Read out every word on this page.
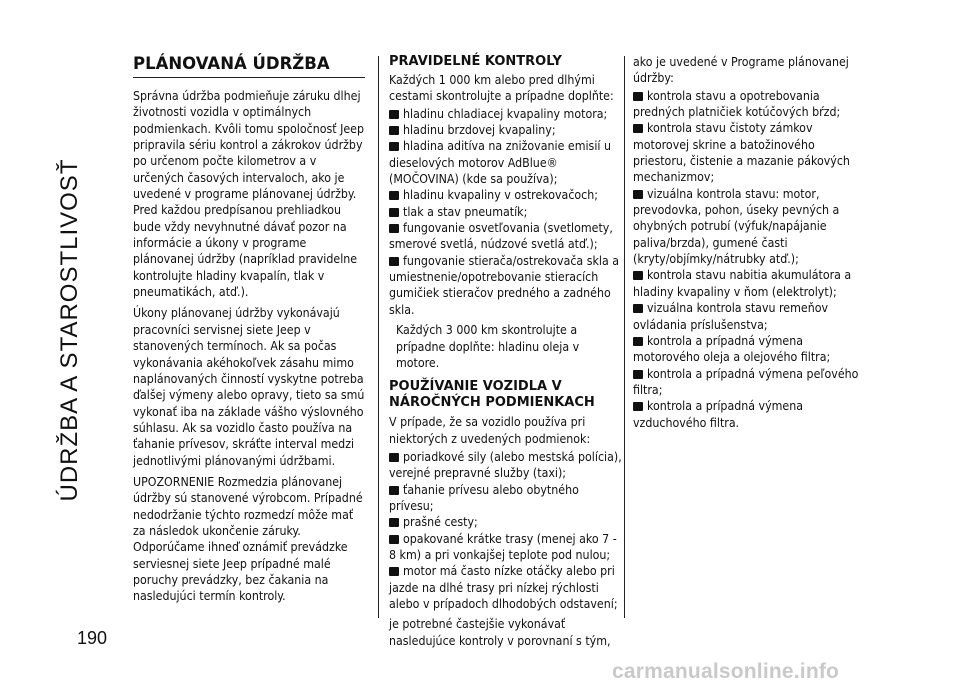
ÚDRŽBA A STAROSTLIVOSŤ
190
carmanualsonline.info
PLÁNOVANÁ ÚDRŽBA

Správna údržba podmieňuje záruku dlhej životnosti vozidla v optimálnych podmienkach. Kvôli tomu spoločnosť Jeep pripravila sériu kontrol a zákrokov údržby po určenom počte kilometrov a v určených časových intervaloch, ako je uvedené v programe plánovanej údržby. Pred každou predpísanou prehliadkou bude vždy nevyhnutné dávať pozor na informácie a úkony v programe plánovanej údržby (napríklad pravidelne kontrolujte hladiny kvapalín, tlak v pneumatikách, atď.).

Úkony plánovanej údržby vykonávajú pracovníci servisnej siete Jeep v stanovených termínoch. Ak sa počas vykonávania akéhokoľvek zásahu mimo naplánovaných činností vyskytne potreba ďalšej výmeny alebo opravy, tieto sa smú vykonať iba na základe vášho výslovného súhlasu. Ak sa vozidlo často používa na ťahanie prívesov, skráťte interval medzi jednotlivými plánovanými údržbami.

UPOZORNENIE Rozmedzia plánovanej údržby sú stanovené výrobcom. Prípadné nedodržanie týchto rozmedzí môže mať za následok ukončenie záruky. Odporúčame ihneď oznámiť prevádzke serviesnej siete Jeep prípadné malé poruchy prevádzky, bez čakania na nasledujúci termín kontroly.

PRAVIDELNÉ KONTROLY

Každých 1 000 km alebo pred dlhými cestami skontrolujte a prípadne doplňte:

hladinu chladiacej kvapaliny motora;
hladinu brzdovej kvapaliny;
hladina aditíva na znižovanie emisií u dieselových motorov AdBlue® (MOČOVINA) (kde sa používa);
hladinu kvapaliny v ostrekovačoch;
tlak a stav pneumatík;
fungovanie osvetľovania (svetlomety, smerové svetlá, núdzové svetlá atď.);
fungovanie stierača/ostrekovača skla a umiestnenie/opotrebovanie stieracích gumičiek stieračov predného a zadného skla.

Každých 3 000 km skontrolujte a prípadne doplňte: hladinu oleja v motore.

POUŽÍVANIE VOZIDLA V
NÁROČNÝCH PODMIENKACH

V prípade, že sa vozidlo používa pri niektorých z uvedených podmienok:

poriadkové sily (alebo mestská polícia), verejné prepravné služby (taxi);
ťahanie prívesu alebo obytného prívesu;
prašné cesty;
opakované krátke trasy (menej ako 7 - 8 km) a pri vonkajšej teplote pod nulou;
motor má často nízke otáčky alebo pri jazde na dlhé trasy pri nízkej rýchlosti alebo v prípadoch dlhodobých odstavení;

je potrebné častejšie vykonávať nasledujúce kontroly v porovnaní s tým,

ako je uvedené v Programe plánovanej údržby:

kontrola stavu a opotrebovania predných platničiek kotúčových bŕzd;
kontrola stavu čistoty zámkov motorovej skrine a batožinového priestoru, čistenie a mazanie pákových mechanizmov;
vizuálna kontrola stavu: motor, prevodovka, pohon, úseky pevných a ohybných potrubí (výfuk/napájanie paliva/brzda), gumené časti (kryty/objímky/nátrubky atď.);
kontrola stavu nabitia akumulátora a hladiny kvapaliny v ňom (elektrolyt);
vizuálna kontrola stavu remeňov ovládania príslušenstva;
kontrola a prípadná výmena motorového oleja a olejového filtra;
kontrola a prípadná výmena peľového filtra;
kontrola a prípadná výmena vzduchového filtra.
